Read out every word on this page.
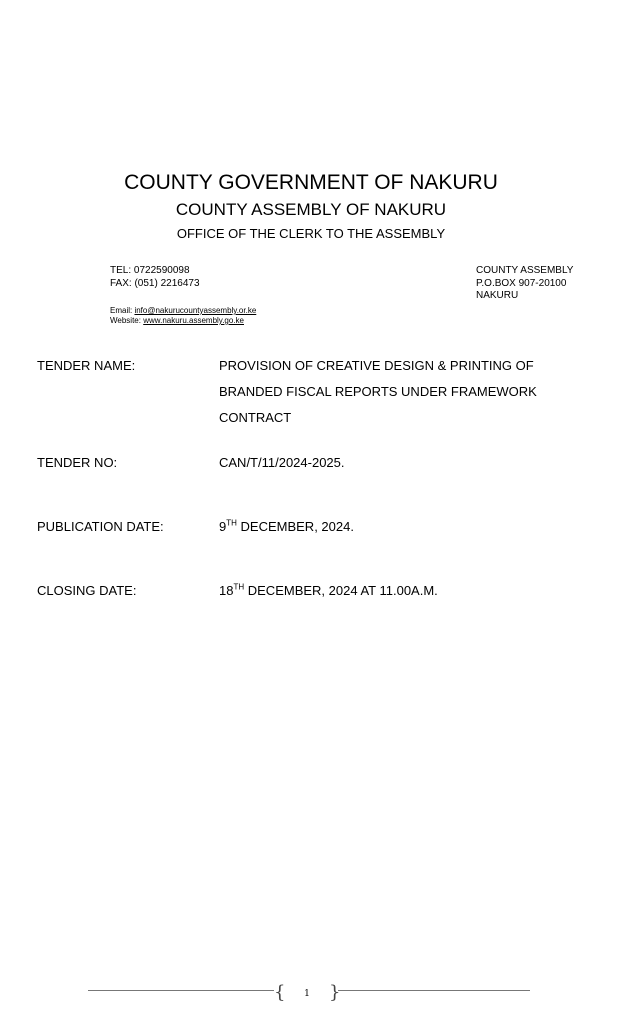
COUNTY GOVERNMENT OF NAKURU
COUNTY ASSEMBLY OF NAKURU
OFFICE OF THE CLERK TO THE ASSEMBLY
TEL: 0722590098
FAX: (051) 2216473
COUNTY ASSEMBLY
P.O.BOX 907-20100
NAKURU
Email: info@nakurucountyassembly.or.ke
Website: www.nakuru.assembly.go.ke
TENDER NAME:	PROVISION OF CREATIVE DESIGN & PRINTING OF
BRANDED FISCAL REPORTS UNDER FRAMEWORK
CONTRACT
TENDER NO:	CAN/T/11/2024-2025.
PUBLICATION DATE:	9TH DECEMBER, 2024.
CLOSING DATE:	18TH DECEMBER, 2024 AT 11.00A.M.
{ }
1
